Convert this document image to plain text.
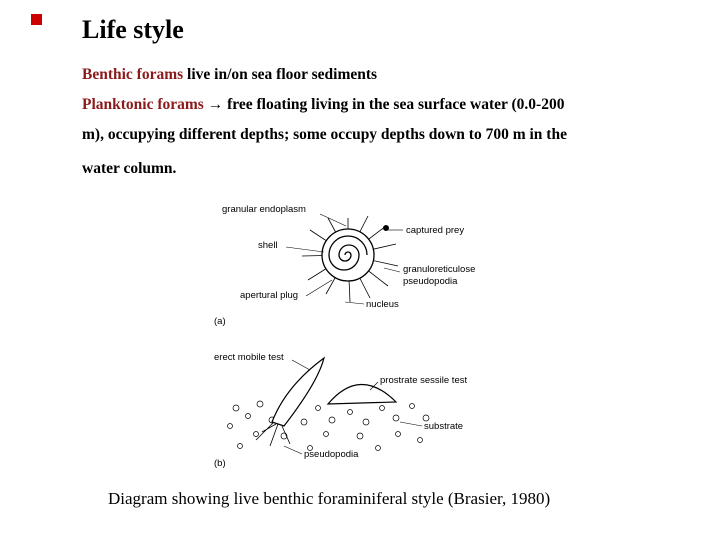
Life style
Benthic forams live in/on sea floor sediments
Planktonic forams → free floating living in the sea surface water (0.0-200
m), occupying different depths; some occupy depths down to 700 m in the
water column.
granular endoplasm
captured prey
shell
granuloreticulose
pseudopodia
apertural plug
nucleus
(a)
erect mobile test
prostrate sessile test
substrate
pseudopodia
(b)
Diagram showing live benthic foraminiferal style (Brasier, 1980)
